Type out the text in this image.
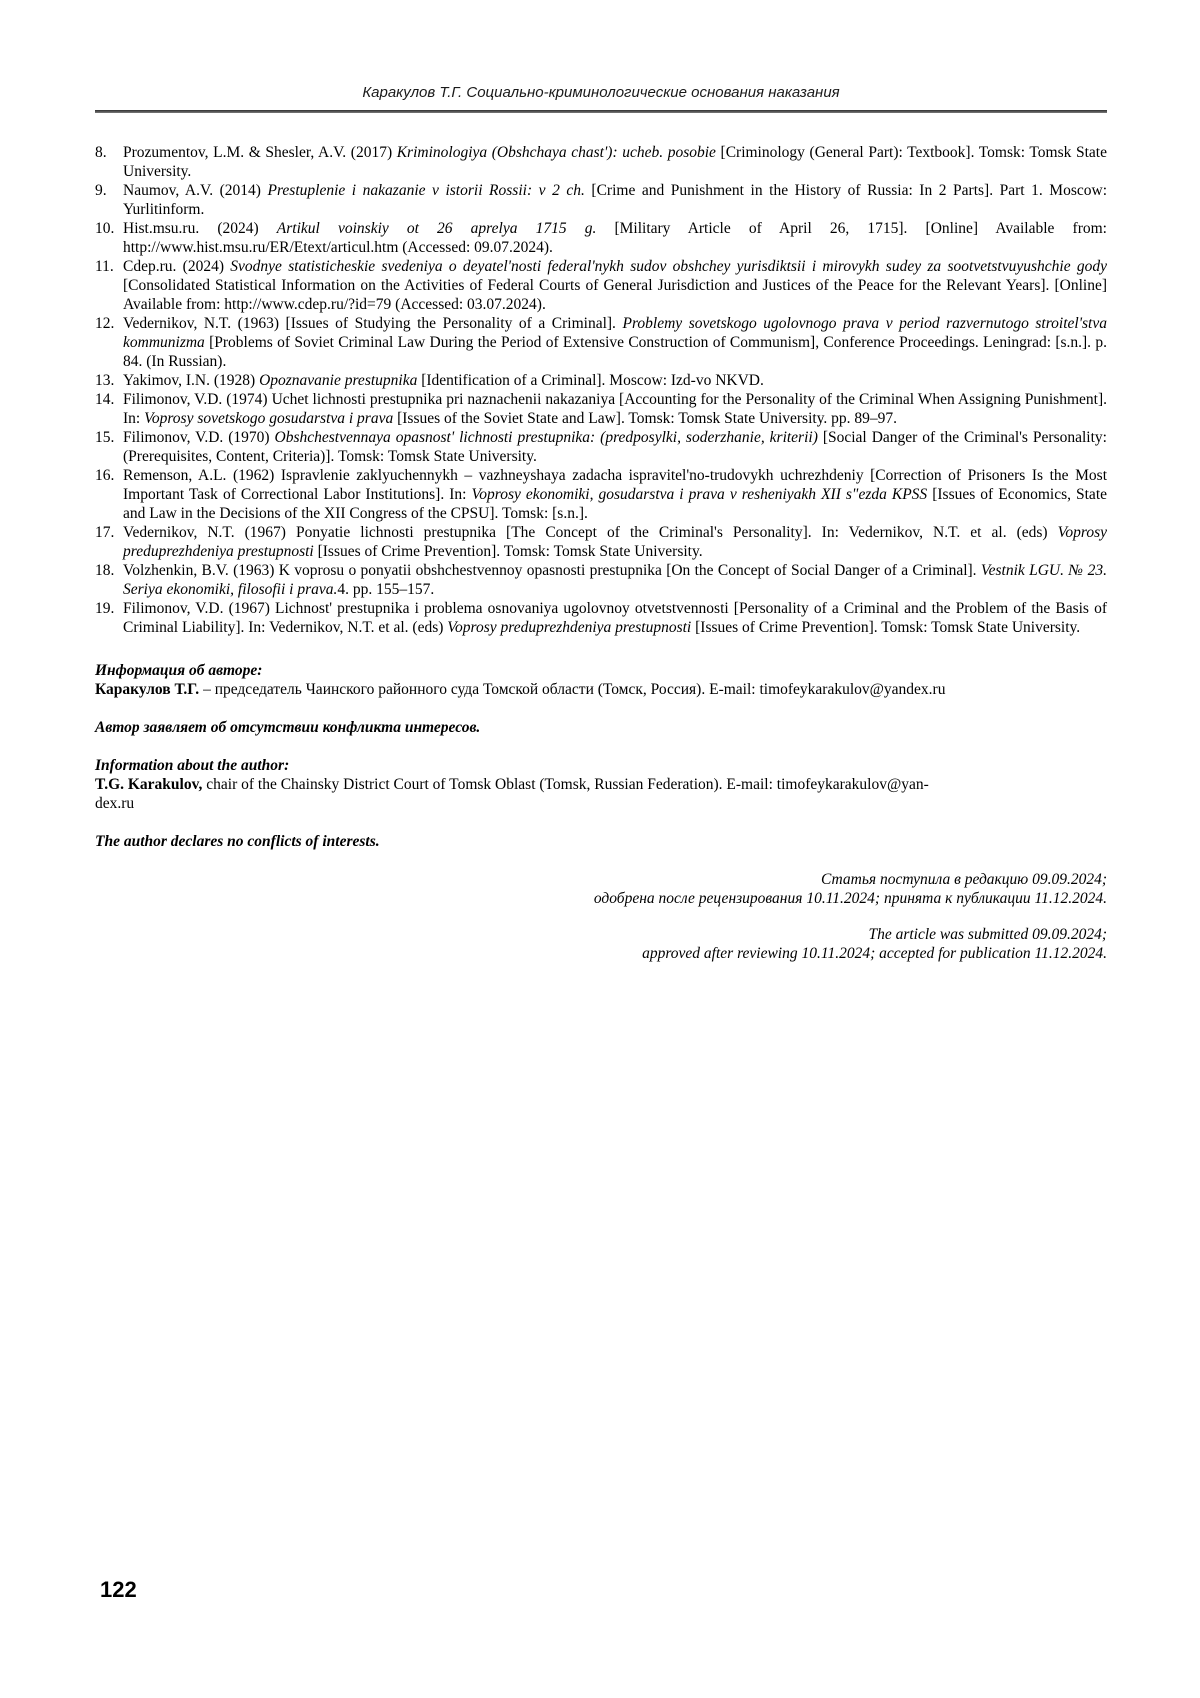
Каракулов Т.Г. Социально-криминологические основания наказания
8. Prozumentov, L.M. & Shesler, A.V. (2017) Kriminologiya (Obshchaya chast'): ucheb. posobie [Criminology (General Part): Textbook]. Tomsk: Tomsk State University.
9. Naumov, A.V. (2014) Prestuplenie i nakazanie v istorii Rossii: v 2 ch. [Crime and Punishment in the History of Russia: In 2 Parts]. Part 1. Moscow: Yurlitinform.
10. Hist.msu.ru. (2024) Artikul voinskiy ot 26 aprelya 1715 g. [Military Article of April 26, 1715]. [Online] Available from: http://www.hist.msu.ru/ER/Etext/articul.htm (Accessed: 09.07.2024).
11. Cdep.ru. (2024) Svodnye statisticheskie svedeniya o deyatel'nosti federal'nykh sudov obshchey yurisdiktsii i mirovykh sudey za sootvetstvuyushchie gody [Consolidated Statistical Information on the Activities of Federal Courts of General Jurisdiction and Justices of the Peace for the Relevant Years]. [Online] Available from: http://www.cdep.ru/?id=79 (Accessed: 03.07.2024).
12. Vedernikov, N.T. (1963) [Issues of Studying the Personality of a Criminal]. Problemy sovetskogo ugolovnogo prava v period razvernutogo stroitel'stva kommunizma [Problems of Soviet Criminal Law During the Period of Extensive Construction of Communism], Conference Proceedings. Leningrad: [s.n.]. p. 84. (In Russian).
13. Yakimov, I.N. (1928) Opoznavanie prestupnika [Identification of a Criminal]. Moscow: Izd-vo NKVD.
14. Filimonov, V.D. (1974) Uchet lichnosti prestupnika pri naznachenii nakazaniya [Accounting for the Personality of the Criminal When Assigning Punishment]. In: Voprosy sovetskogo gosudarstva i prava [Issues of the Soviet State and Law]. Tomsk: Tomsk State University. pp. 89–97.
15. Filimonov, V.D. (1970) Obshchestvennaya opasnost' lichnosti prestupnika: (predposylki, soderzhanie, kriterii) [Social Danger of the Criminal's Personality: (Prerequisites, Content, Criteria)]. Tomsk: Tomsk State University.
16. Remenson, A.L. (1962) Ispravlenie zaklyuchennykh – vazhneyshaya zadacha ispravitel'no-trudovykh uchrezhdeniy [Correction of Prisoners Is the Most Important Task of Correctional Labor Institutions]. In: Voprosy ekonomiki, gosudarstva i prava v resheniyakh XII s"ezda KPSS [Issues of Economics, State and Law in the Decisions of the XII Congress of the CPSU]. Tomsk: [s.n.].
17. Vedernikov, N.T. (1967) Ponyatie lichnosti prestupnika [The Concept of the Criminal's Personality]. In: Vedernikov, N.T. et al. (eds) Voprosy preduprezhdeniya prestupnosti [Issues of Crime Prevention]. Tomsk: Tomsk State University.
18. Volzhenkin, B.V. (1963) K voprosu o ponyatii obshchestvennoy opasnosti prestupnika [On the Concept of Social Danger of a Criminal]. Vestnik LGU. № 23. Seriya ekonomiki, filosofii i prava.4. pp. 155–157.
19. Filimonov, V.D. (1967) Lichnost' prestupnika i problema osnovaniya ugolovnoy otvetstvennosti [Personality of a Criminal and the Problem of the Basis of Criminal Liability]. In: Vedernikov, N.T. et al. (eds) Voprosy preduprezhdeniya prestupnosti [Issues of Crime Prevention]. Tomsk: Tomsk State University.

Информация об авторе:

Каракулов Т.Г. – председатель Чаинского районного суда Томской области (Томск, Россия). E-mail: timofeykarakulov@yandex.ru

Автор заявляет об отсутствии конфликта интересов.

Information about the author:

T.G. Karakulov, chair of the Chainsky District Court of Tomsk Oblast (Tomsk, Russian Federation). E-mail: timofeykarakulov@yan-
dex.ru

The author declares no conflicts of interests.

Статья поступила в редакцию 09.09.2024;
одобрена после рецензирования 10.11.2024; принята к публикации 11.12.2024.
The article was submitted 09.09.2024;
approved after reviewing 10.11.2024; accepted for publication 11.12.2024.
122
